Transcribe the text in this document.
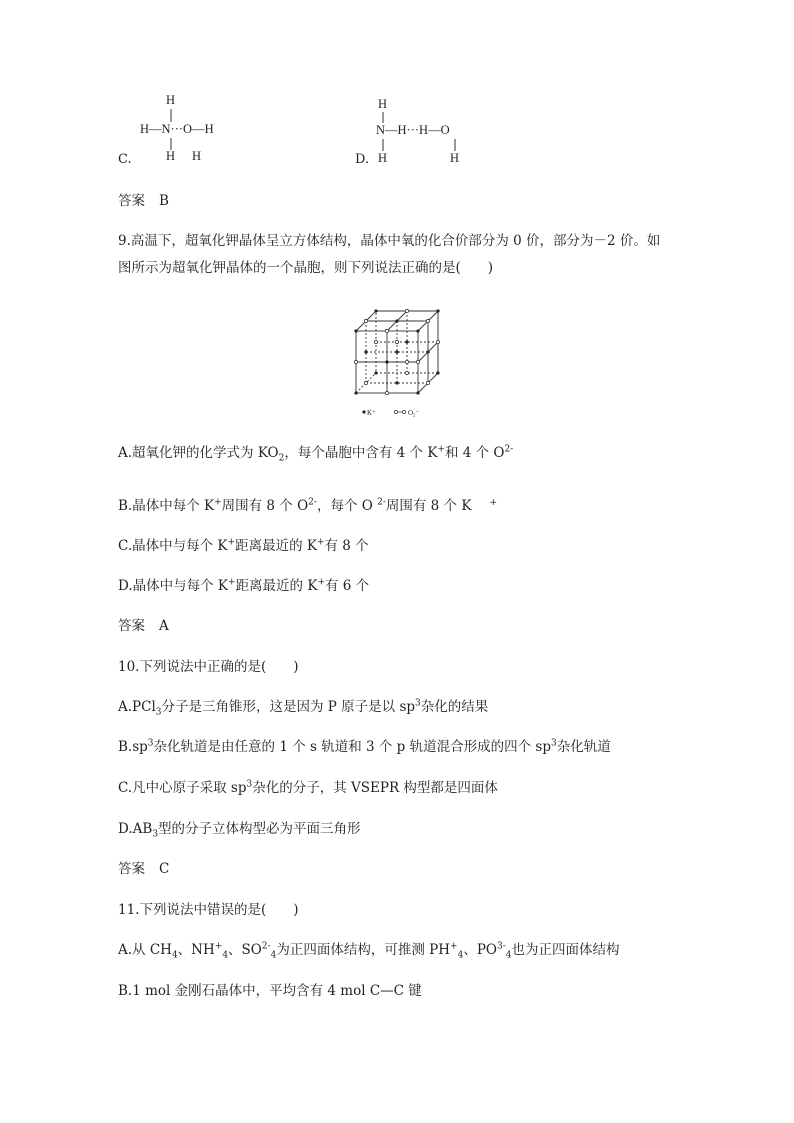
C.
H
H—N···O—H
H H	D.
H
N—H···H—O
H	H
答案 B
9.高温下，超氧化钾晶体呈立方体结构，晶体中氧的化合价部分为 0 价，部分为－2 价。如
图所示为超氧化钾晶体的一个晶胞，则下列说法正确的是(　　)
K⁺	O₂⁻
A.超氧化钾的化学式为 $KO_2$，每个晶胞中含有 4 个 K+和 4 个 $O^{2-}$
B.晶体中每个 K+周围有 8 个 $O^{2-}$，每个 O $^{2-}$周围有 8 个 K +
C.晶体中与每个 K+距离最近的 K+有 8 个
D.晶体中与每个 K+距离最近的 K+有 6 个
答案 A
10.下列说法中正确的是(　　)
A.PCl$_3$分子是三角锥形，这是因为 P 原子是以 $sp^3$杂化的结果
$B.sp^3$杂化轨道是由任意的 1 个 s 轨道和 3 个 p 轨道混合形成的四个 $sp^3$杂化轨道
C.凡中心原子采取 $sp^3$杂化的分子，其 VSEPR 构型都是四面体
$D.AB_3$型的分子立体构型必为平面三角形
答案 C
11.下列说法中错误的是(　　)
A.从 $CH_4$、$NH^+_4$、$SO^{2-}_4$为正四面体结构，可推测 $PH^+_4$、$PO^{3-}_4$也为正四面体结构
B.1 mol 金刚石晶体中，平均含有 4 mol C—C 键
